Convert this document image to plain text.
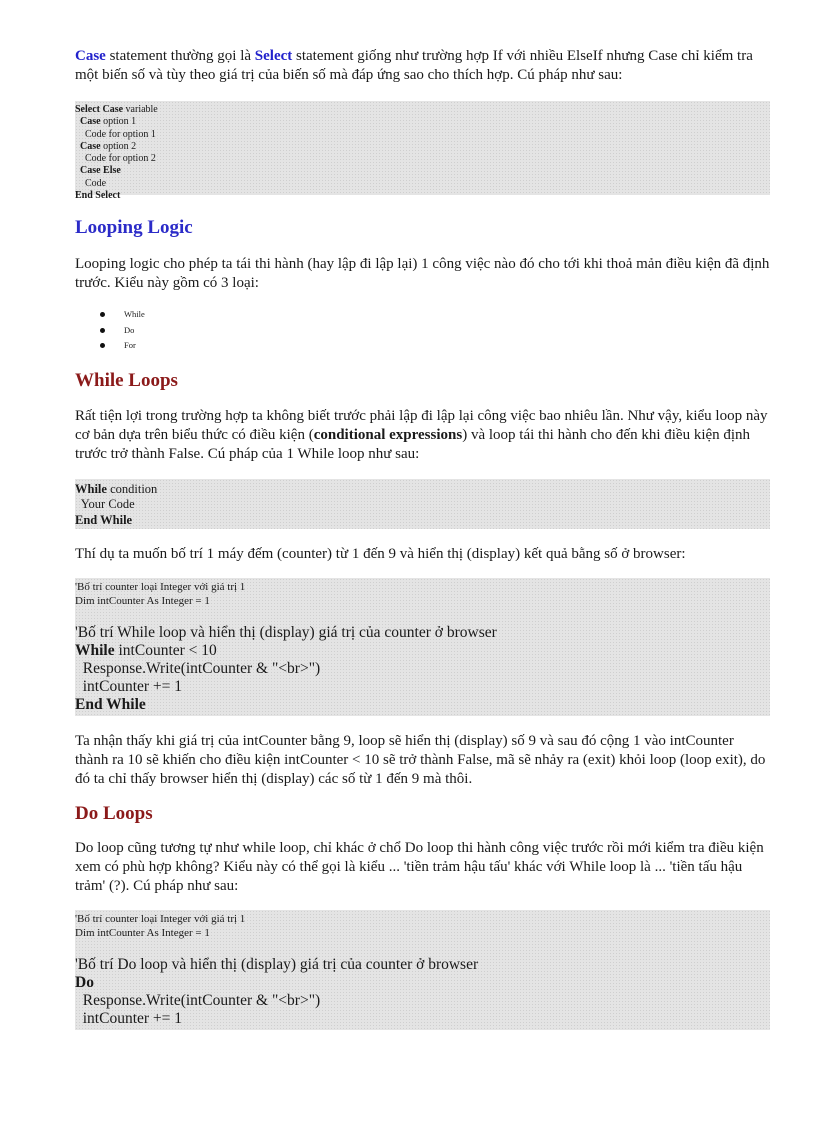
Case statement thường gọi là Select statement giống như trường hợp If với nhiều ElseIf nhưng Case chỉ kiểm tra một biến số và tùy theo giá trị của biến số mà đáp ứng sao cho thích hợp. Cú pháp như sau:

Select Case variable
Case option 1
Code for option 1
Case option 2
Code for option 2
Case Else
Code
End Select
Looping Logic

Looping logic cho phép ta tái thi hành (hay lập đi lập lại) 1 công việc nào đó cho tới khi thoả mản điều kiện đã định trước. Kiểu này gồm có 3 loại:

While
Do
For
While Loops

Rất tiện lợi trong trường hợp ta không biết trước phải lập đi lập lại công việc bao nhiêu lần. Như vậy, kiểu loop này cơ bản dựa trên biểu thức có điều kiện (conditional expressions) và loop tái thi hành cho đến khi điều kiện định trước trở thành False. Cú pháp của 1 While loop như sau:

While condition
Your Code
End While

Thí dụ ta muốn bố trí 1 máy đếm (counter) từ 1 đến 9 và hiển thị (display) kết quả bằng số ở browser:

'Bố trí counter loại Integer với giá trị 1
Dim intCounter As Integer = 1
'Bố trí While loop và hiển thị (display) giá trị của counter ở browser
While intCounter < 10
Response.Write(intCounter & "<br>")
intCounter += 1
End While

Ta nhận thấy khi giá trị của intCounter bằng 9, loop sẽ hiển thị (display) số 9 và sau đó cộng 1 vào intCounter thành ra 10 sẽ khiến cho điều kiện intCounter < 10 sẽ trở thành False, mã sẽ nhảy ra (exit) khỏi loop (loop exit), do đó ta chỉ thấy browser hiển thị (display) các số từ 1 đến 9 mà thôi.

Do Loops

Do loop cũng tương tự như while loop, chỉ khác ở chổ Do loop thi hành công việc trước rồi mới kiểm tra điều kiện xem có phù hợp không? Kiểu này có thể gọi là kiểu ... 'tiền trảm hậu tấu' khác với While loop là ... 'tiền tấu hậu trảm' (?). Cú pháp như sau:

'Bố trí counter loại Integer với giá trị 1
Dim intCounter As Integer = 1
'Bố trí Do loop và hiển thị (display) giá trị của counter ở browser
Do
Response.Write(intCounter & "<br>")
intCounter += 1
